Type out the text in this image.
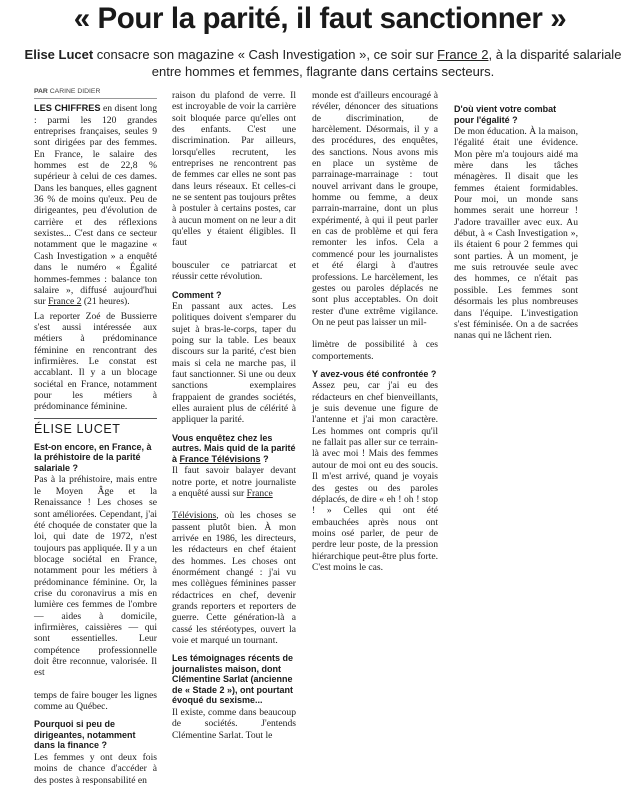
« Pour la parité, il faut sanctionner »
Elise Lucet consacre son magazine « Cash Investigation », ce soir sur France 2, à la disparité salariale entre hommes et femmes, flagrante dans certains secteurs.
PAR CARINE DIDIER

LES CHIFFRES en disent long : parmi les 120 grandes entreprises françaises, seules 9 sont dirigées par des femmes. En France, le salaire des hommes est de 22,8 % supérieur à celui de ces dames. Dans les banques, elles gagnent 36 % de moins qu'eux. Peu de dirigeantes, peu d'évolution de carrière et des réflexions sexistes... C'est dans ce secteur notamment que le magazine « Cash Investigation » a enquêté dans le numéro « Égalité hommes-femmes : balance ton salaire », diffusé aujourd'hui sur France 2 (21 heures).

La reporter Zoé de Bussierre s'est aussi intéressée aux métiers à prédominance féminine en rencontrant des infirmières. Le constat est accablant. Il y a un blocage sociétal en France, notamment pour les métiers à prédominance féminine.

ÉLISE LUCET
Est-on encore, en France, à la préhistoire de la parité salariale ?

Pas à la préhistoire, mais entre le Moyen Âge et la Renaissance ! Les choses se sont améliorées. Cependant, j'ai été choquée de constater que la loi, qui date de 1972, n'est toujours pas appliquée. Il y a un blocage sociétal en France, notamment pour les métiers à prédominance féminine. Or, la crise du coronavirus a mis en lumière ces femmes de l'ombre — aides à domicile, infirmières, caissières — qui sont essentielles. Leur compétence professionnelle doit être reconnue, valorisée. Il est

temps de faire bouger les lignes comme au Québec.

Pourquoi si peu de dirigeantes, notamment dans la finance ?

Les femmes y ont deux fois moins de chance d'accéder à des postes à responsabilité en

raison du plafond de verre. Il est incroyable de voir la carrière soit bloquée parce qu'elles ont des enfants. C'est une discrimination. Par ailleurs, lorsqu'elles recrutent, les entreprises ne rencontrent pas de femmes car elles ne sont pas dans leurs réseaux. Et celles-ci ne se sentent pas toujours prêtes à postuler à certains postes, car à aucun moment on ne leur a dit qu'elles y étaient éligibles. Il faut

bousculer ce patriarcat et réussir cette révolution.

Comment ?

En passant aux actes. Les politiques doivent s'emparer du sujet à bras-le-corps, taper du poing sur la table. Les beaux discours sur la parité, c'est bien mais si cela ne marche pas, il faut sanctionner. Si une ou deux sanctions exemplaires frappaient de grandes sociétés, elles auraient plus de célérité à appliquer la parité.

Vous enquêtez chez les autres. Mais quid de la parité à France Télévisions ?

Il faut savoir balayer devant notre porte, et notre journaliste a enquêté aussi sur France

Télévisions, où les choses se passent plutôt bien. À mon arrivée en 1986, les directeurs, les rédacteurs en chef étaient des hommes. Les choses ont énormément changé : j'ai vu mes collègues féminines passer rédactrices en chef, devenir grands reporters et reporters de guerre. Cette génération-là a cassé les stéréotypes, ouvert la voie et marqué un tournant.

Les témoignages récents de journalistes maison, dont Clémentine Sarlat (ancienne de « Stade 2 »), ont pourtant évoqué du sexisme...

Il existe, comme dans beaucoup de sociétés. J'entends Clémentine Sarlat. Tout le

monde est d'ailleurs encouragé à révéler, dénoncer des situations de discrimination, de harcèlement. Désormais, il y a des procédures, des enquêtes, des sanctions. Nous avons mis en place un système de parrainage-marrainage : tout nouvel arrivant dans le groupe, homme ou femme, a deux parrain-marraine, dont un plus expérimenté, à qui il peut parler en cas de problème et qui fera remonter les infos. Cela a commencé pour les journalistes et été élargi à d'autres professions. Le harcèlement, les gestes ou paroles déplacés ne sont plus acceptables. On doit rester d'une extrême vigilance. On ne peut pas laisser un mil-

limètre de possibilité à ces comportements.

Y avez-vous été confrontée ?

Assez peu, car j'ai eu des rédacteurs en chef bienveillants, je suis devenue une figure de l'antenne et j'ai mon caractère. Les hommes ont compris qu'il ne fallait pas aller sur ce terrain-là avec moi ! Mais des femmes autour de moi ont eu des soucis. Il m'est arrivé, quand je voyais des gestes ou des paroles déplacés, de dire « eh ! oh ! stop ! » Celles qui ont été embauchées après nous ont moins osé parler, de peur de perdre leur poste, de la pression hiérarchique peut-être plus forte. C'est moins le cas.

D'où vient votre combat pour l'égalité ?

De mon éducation. À la maison, l'égalité était une évidence. Mon père m'a toujours aidé ma mère dans les tâches ménagères. Il disait que les femmes étaient formidables. Pour moi, un monde sans hommes serait une horreur ! J'adore travailler avec eux. Au début, à « Cash Investigation », ils étaient 6 pour 2 femmes qui sont parties. À un moment, je me suis retrouvée seule avec des hommes, ce n'était pas possible. Les femmes sont désormais les plus nombreuses dans l'équipe. L'investigation s'est féminisée. On a de sacrées nanas qui ne lâchent rien.
